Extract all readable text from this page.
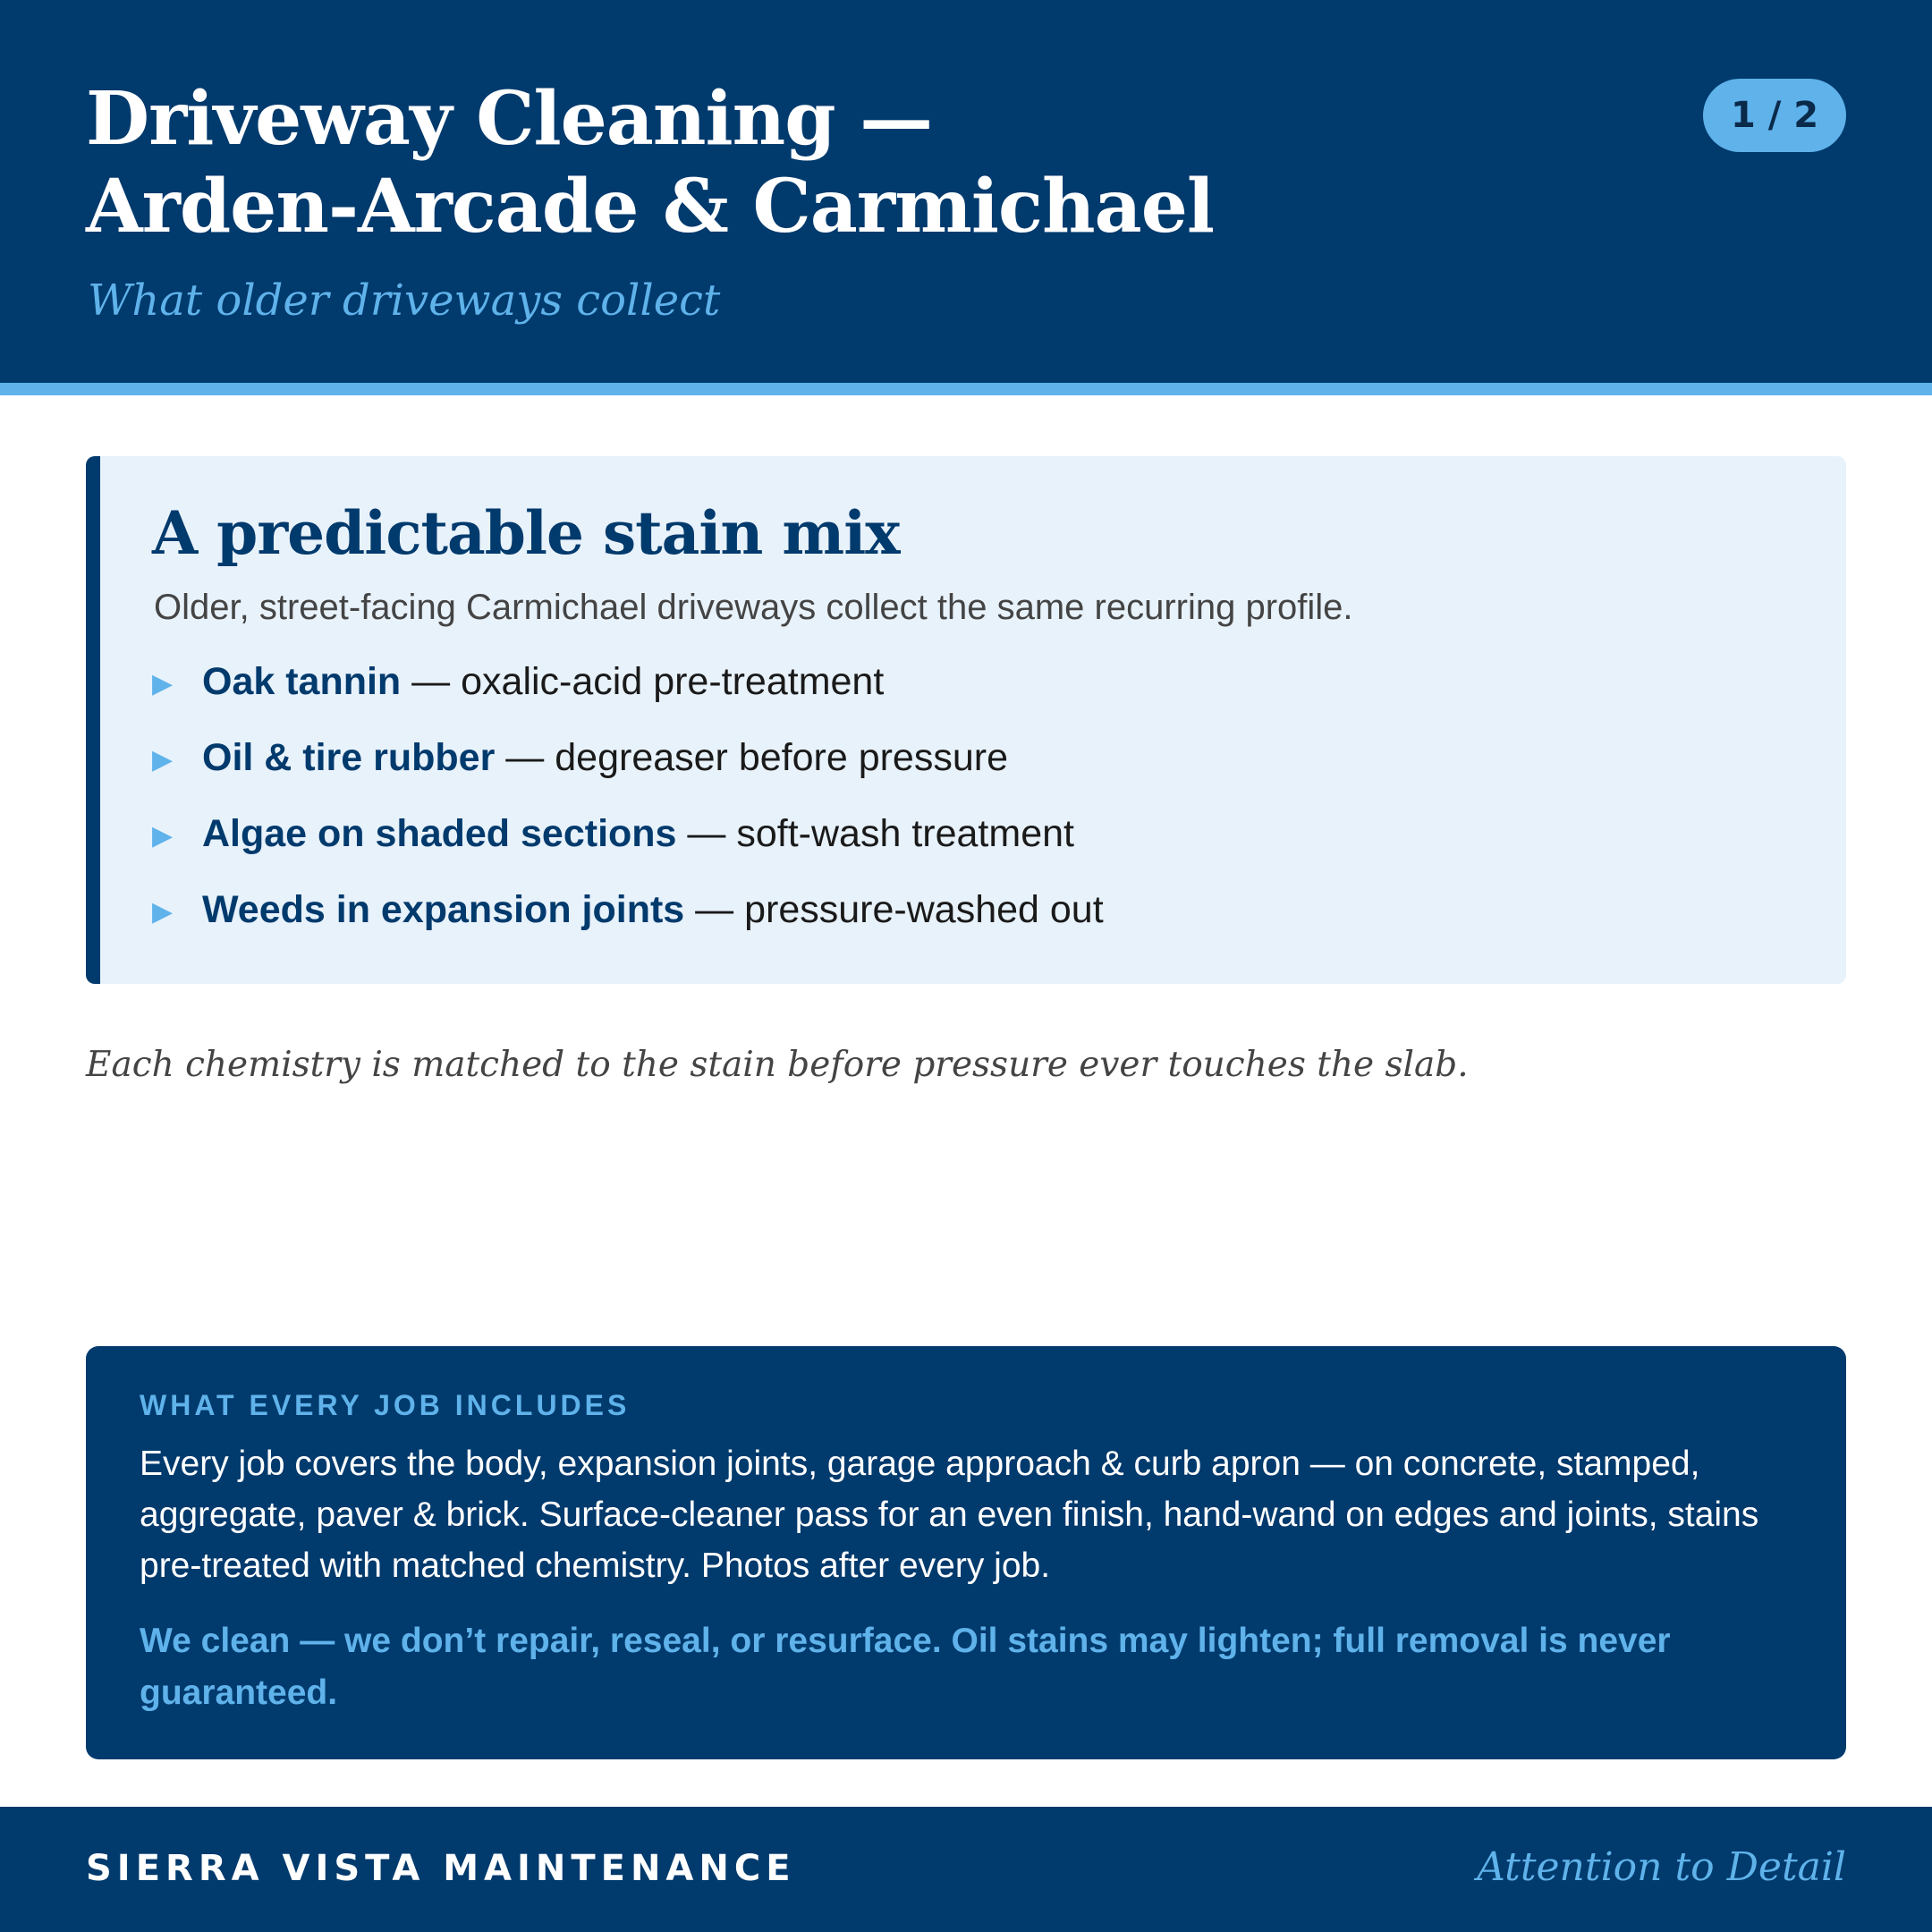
Driveway Cleaning —
Arden-Arcade & Carmichael
What older driveways collect
1 / 2
A predictable stain mix

Older, street-facing Carmichael driveways collect the same recurring profile.

▶ Oak tannin — oxalic-acid pre-treatment
▶ Oil & tire rubber — degreaser before pressure
▶ Algae on shaded sections — soft-wash treatment
▶ Weeds in expansion joints — pressure-washed out

Each chemistry is matched to the stain before pressure ever touches the slab.

WHAT EVERY JOB INCLUDES

Every job covers the body, expansion joints, garage approach & curb apron — on concrete, stamped, aggregate, paver & brick. Surface-cleaner pass for an even finish, hand-wand on edges and joints, stains pre-treated with matched chemistry. Photos after every job.

We clean — we don’t repair, reseal, or resurface. Oil stains may lighten; full removal is never guaranteed.

SIERRA VISTA MAINTENANCE	Attention to Detail
